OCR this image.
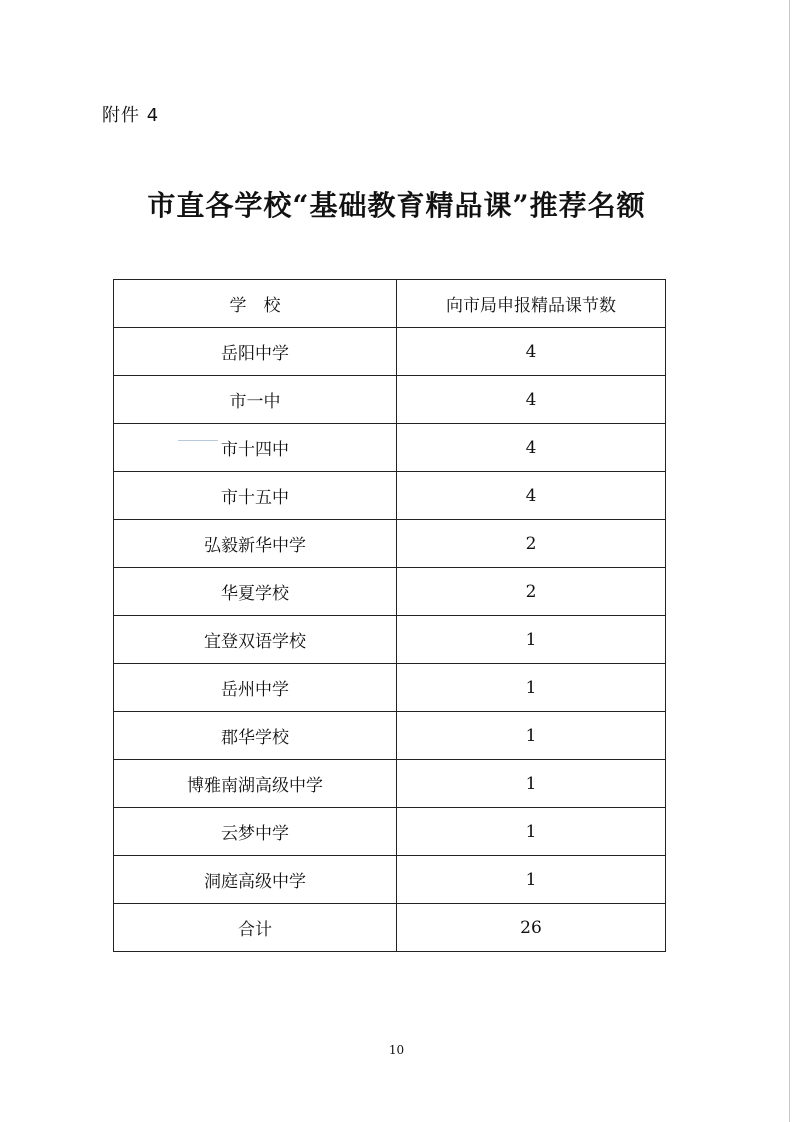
附件 4
市直各学校“基础教育精品课”推荐名额
学　校	向市局申报精品课节数
岳阳中学	4
市一中	4
市十四中	4
市十五中	4
弘毅新华中学	2
华夏学校	2
宜登双语学校	1
岳州中学	1
郡华学校	1
博雅南湖高级中学	1
云梦中学	1
洞庭高级中学	1
合计	26
10
